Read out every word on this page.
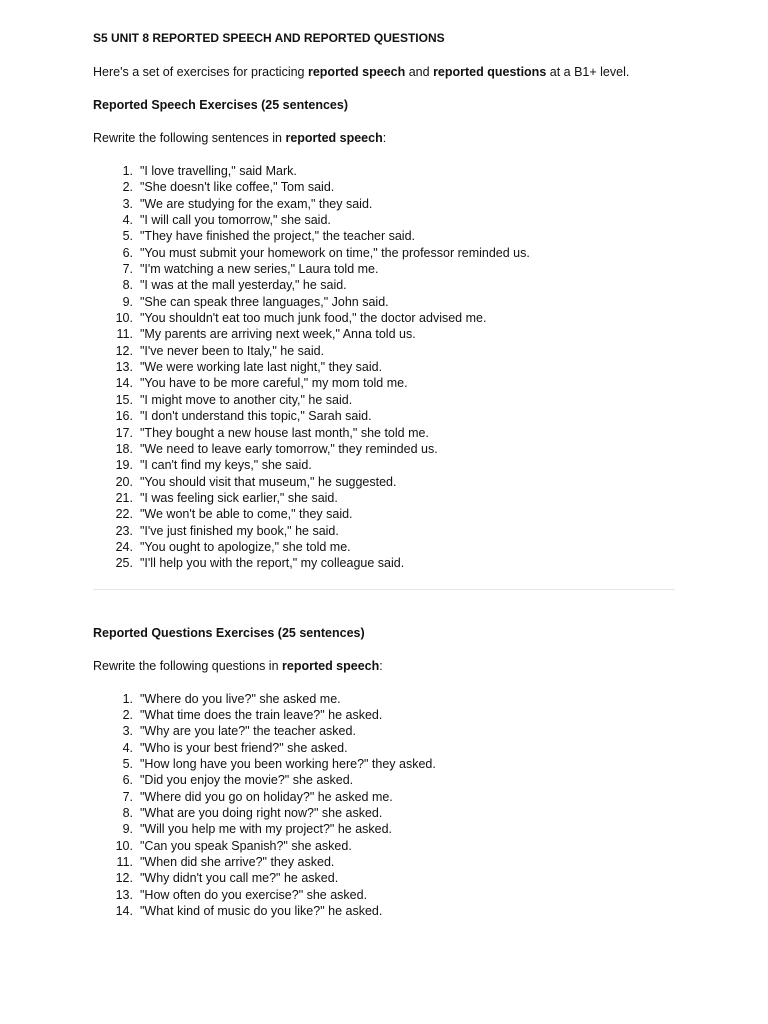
S5 UNIT 8 REPORTED SPEECH AND REPORTED QUESTIONS

Here's a set of exercises for practicing reported speech and reported questions at a B1+ level.

Reported Speech Exercises (25 sentences)

Rewrite the following sentences in reported speech:

1. "I love travelling," said Mark.
2. "She doesn't like coffee," Tom said.
3. "We are studying for the exam," they said.
4. "I will call you tomorrow," she said.
5. "They have finished the project," the teacher said.
6. "You must submit your homework on time," the professor reminded us.
7. "I'm watching a new series," Laura told me.
8. "I was at the mall yesterday," he said.
9. "She can speak three languages," John said.
10. "You shouldn't eat too much junk food," the doctor advised me.
11. "My parents are arriving next week," Anna told us.
12. "I've never been to Italy," he said.
13. "We were working late last night," they said.
14. "You have to be more careful," my mom told me.
15. "I might move to another city," he said.
16. "I don't understand this topic," Sarah said.
17. "They bought a new house last month," she told me.
18. "We need to leave early tomorrow," they reminded us.
19. "I can't find my keys," she said.
20. "You should visit that museum," he suggested.
21. "I was feeling sick earlier," she said.
22. "We won't be able to come," they said.
23. "I've just finished my book," he said.
24. "You ought to apologize," she told me.
25. "I'll help you with the report," my colleague said.

Reported Questions Exercises (25 sentences)

Rewrite the following questions in reported speech:

1. "Where do you live?" she asked me.
2. "What time does the train leave?" he asked.
3. "Why are you late?" the teacher asked.
4. "Who is your best friend?" she asked.
5. "How long have you been working here?" they asked.
6. "Did you enjoy the movie?" she asked.
7. "Where did you go on holiday?" he asked me.
8. "What are you doing right now?" she asked.
9. "Will you help me with my project?" he asked.
10. "Can you speak Spanish?" she asked.
11. "When did she arrive?" they asked.
12. "Why didn't you call me?" he asked.
13. "How often do you exercise?" she asked.
14. "What kind of music do you like?" he asked.
